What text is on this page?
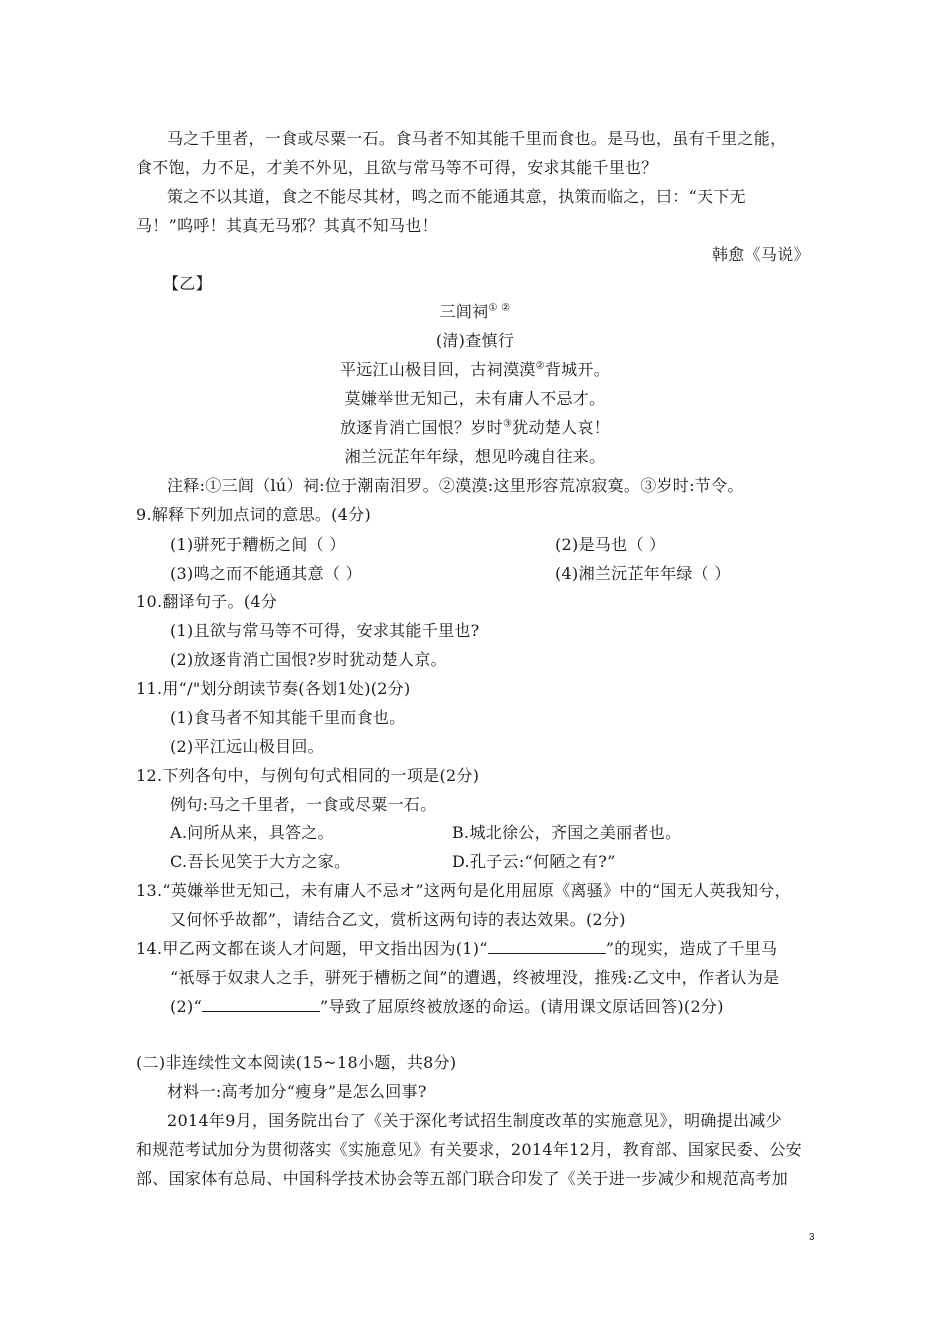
马之千里者，一食或尽粟一石。食马者不知其能千里而食也。是马也，虽有千里之能，
食不饱，力不足，才美不外见，且欲与常马等不可得，安求其能千里也？
策之不以其道，食之不能尽其材，鸣之而不能通其意，执策而临之，曰：“天下无
马！”呜呼！其真无马邪？其真不知马也！
韩愈《马说》
【乙】
三闾祠① ②
(清)查慎行
平远江山极目回，古祠漠漠②背城开。
莫嫌举世无知己，未有庸人不忌才。
放逐肯消亡国恨？岁时③犹动楚人哀！
湘兰沅芷年年绿，想见吟魂自往来。
注释:①三闾（lú）祠:位于潮南泪罗。②漠漠:这里形容荒凉寂寞。③岁时:节令。
9.解释下列加点词的意思。(4分)
(1)骈死于糟枥之间（ ）	(2)是马也（ ）
(3)鸣之而不能通其意（ ）	(4)湘兰沅芷年年绿（ ）
10.翻译句子。(4分
(1)且欲与常马等不可得，安求其能千里也?
(2)放逐肯消亡国恨?岁时犹动楚人京。
11.用“/"划分朗读节奏(各划1处)(2分)
(1)食马者不知其能千里而食也。
(2)平江远山极目回。
12.下列各句中，与例句句式相同的一项是(2分)
例句:马之千里者，一食或尽粟一石。
A.问所从来，具答之。	B.城北徐公，齐国之美丽者也。
C.吾长见笑于大方之家。	D.孔子云:“何陋之有?”
13.“英嫌举世无知己，未有庸人不忌オ”这两句是化用屈原《离骚》中的“国无人英我知兮，
又何怀乎故都”，请结合乙文，赏析这两句诗的表达效果。(2分)
14.甲乙两文都在谈人才问题，甲文指出因为(1)“	”的现实，造成了千里马
“祇辱于奴隶人之手，骈死于槽枥之间”的遭遇，终被埋没，推残:乙文中，作者认为是
(2)“	”导致了屈原终被放逐的命运。(请用课文原话回答)(2分)
(二)非连续性文本阅读(15~18小题，共8分)
材料一:高考加分“瘦身”是怎么回事?
2014年9月，国务院出台了《关于深化考试招生制度改革的实施意见》，明确提出减少
和规范考试加分为贯彻落实《实施意见》有关要求，2014年12月，教育部、国家民委、公安
部、国家体有总局、中国科学技术协会等五部门联合印发了《关于进一步减少和规范高考加
3
